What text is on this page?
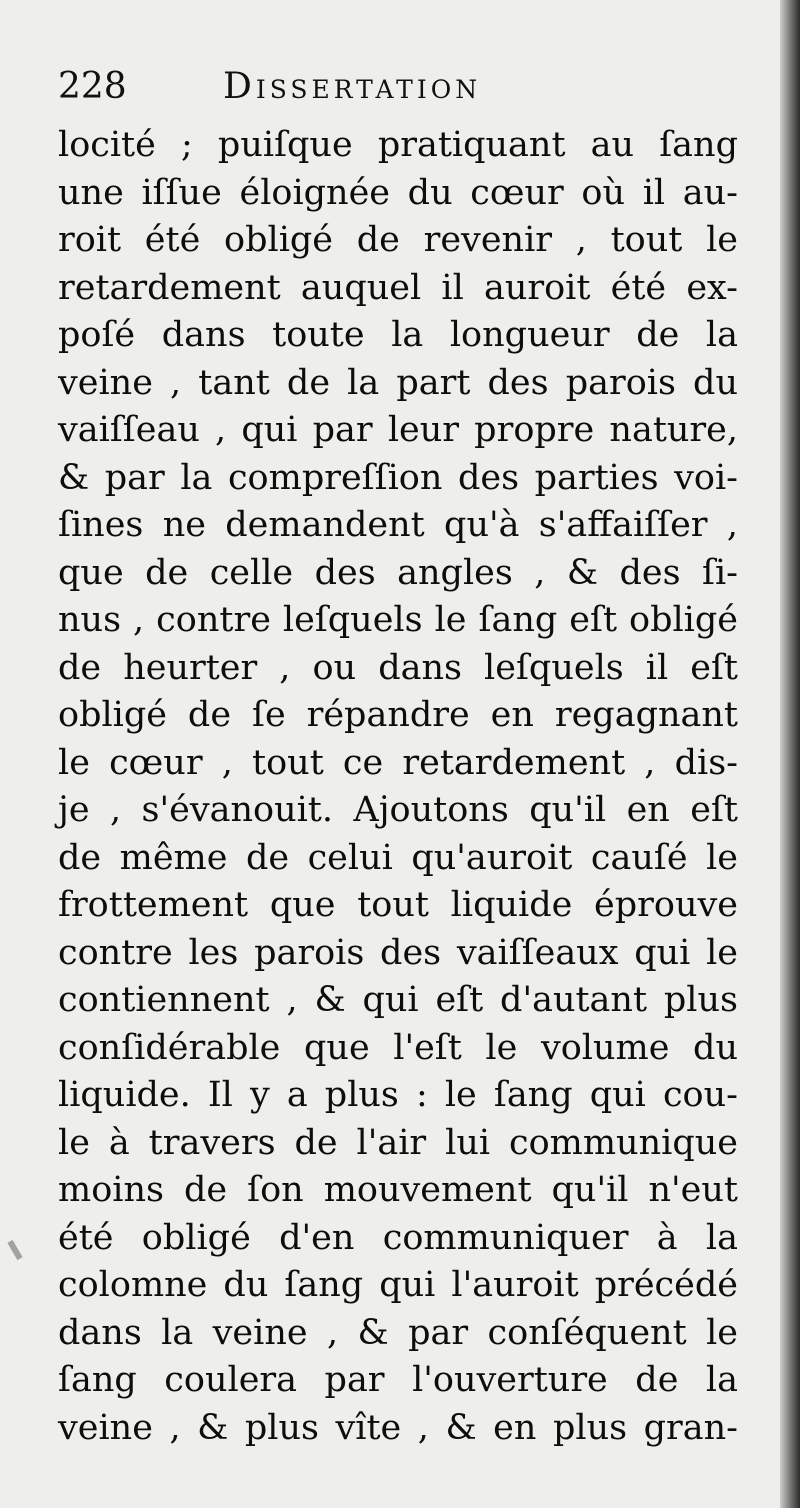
228	Dissertation
locité ; puiſque pratiquant au ſang
une iſſue éloignée du cœur où il au-
roit été obligé de revenir , tout le
retardement auquel il auroit été ex-
poſé dans toute la longueur de la
veine , tant de la part des parois du
vaiſſeau , qui par leur propre nature,
& par la compreſſion des parties voi-
ſines ne demandent qu'à s'affaiſſer ,
que de celle des angles , & des ſi-
nus , contre leſquels le ſang eſt obligé
de heurter , ou dans leſquels il eſt
obligé de ſe répandre en regagnant
le cœur , tout ce retardement , dis-
je , s'évanouit. Ajoutons qu'il en eſt
de même de celui qu'auroit cauſé le
frottement que tout liquide éprouve
contre les parois des vaiſſeaux qui le
contiennent , & qui eſt d'autant plus
conſidérable que l'eſt le volume du
liquide. Il y a plus : le ſang qui cou-
le à travers de l'air lui communique
moins de ſon mouvement qu'il n'eut
été obligé d'en communiquer à la
colomne du ſang qui l'auroit précédé
dans la veine , & par conſéquent le
ſang coulera par l'ouverture de la
veine , & plus vîte , & en plus gran-
